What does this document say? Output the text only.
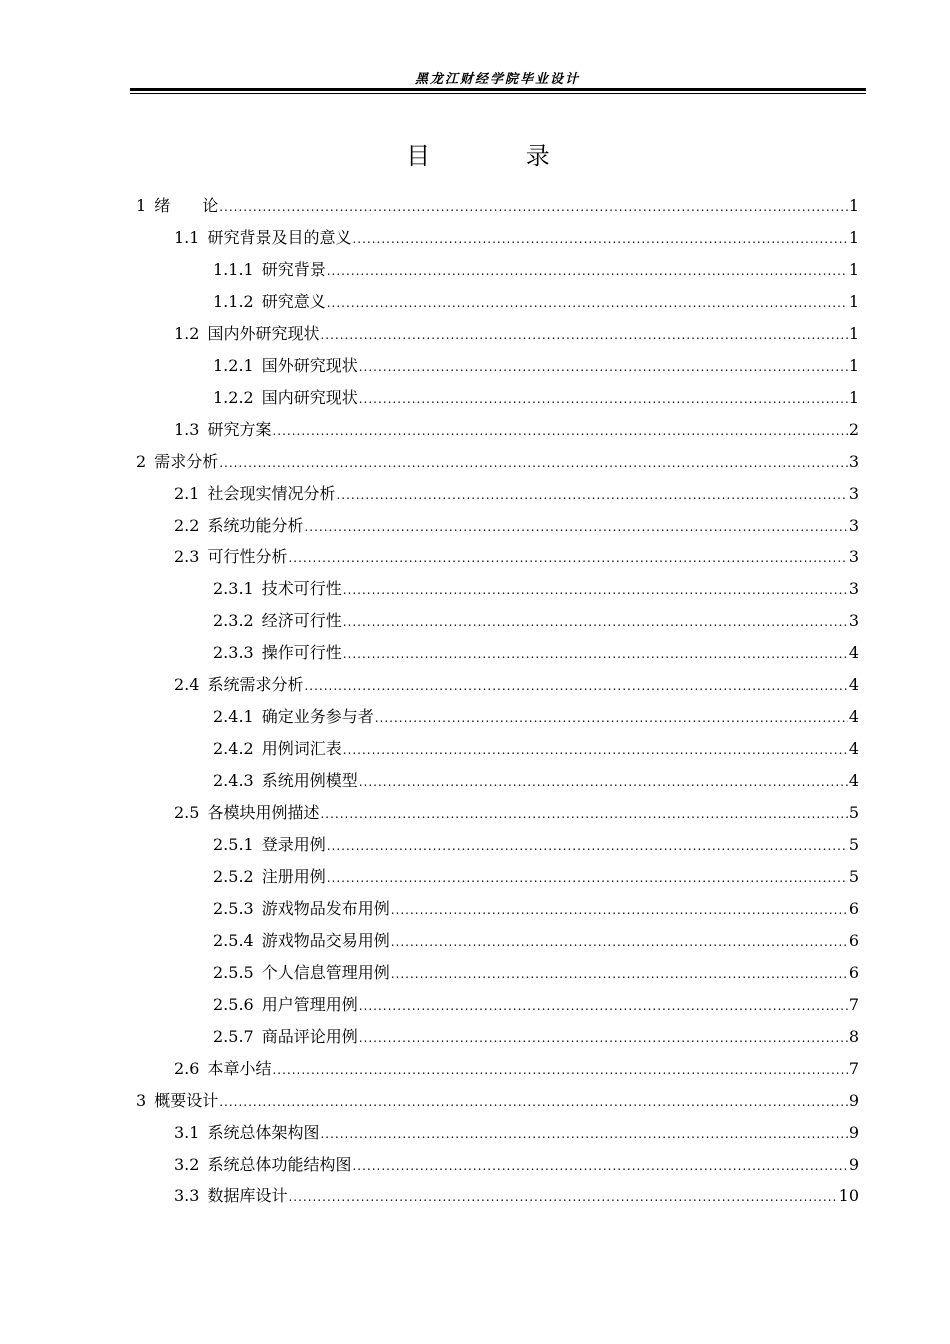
黑龙江财经学院毕业设计
目 录
1 绪　　论 .....	1
1.1 研究背景及目的意义 .....	1
1.1.1 研究背景 .....	1
1.1.2 研究意义 .....	1
1.2 国内外研究现状 .....	1
1.2.1 国外研究现状 .....	1
1.2.2 国内研究现状 .....	1
1.3 研究方案 .....	2
2 需求分析 .....	3
2.1 社会现实情况分析 .....	3
2.2 系统功能分析 .....	3
2.3 可行性分析 .....	3
2.3.1 技术可行性 .....	3
2.3.2 经济可行性 .....	3
2.3.3 操作可行性 .....	4
2.4 系统需求分析 .....	4
2.4.1 确定业务参与者 .....	4
2.4.2 用例词汇表 .....	4
2.4.3 系统用例模型 .....	4
2.5 各模块用例描述 .....	5
2.5.1 登录用例 .....	5
2.5.2 注册用例 .....	5
2.5.3 游戏物品发布用例 .....	6
2.5.4 游戏物品交易用例 .....	6
2.5.5 个人信息管理用例 .....	6
2.5.6 用户管理用例 .....	7
2.5.7 商品评论用例 .....	8
2.6 本章小结 .....	7
3 概要设计 .....	9
3.1 系统总体架构图 .....	9
3.2 系统总体功能结构图 .....	9
3.3 数据库设计 .....	10
